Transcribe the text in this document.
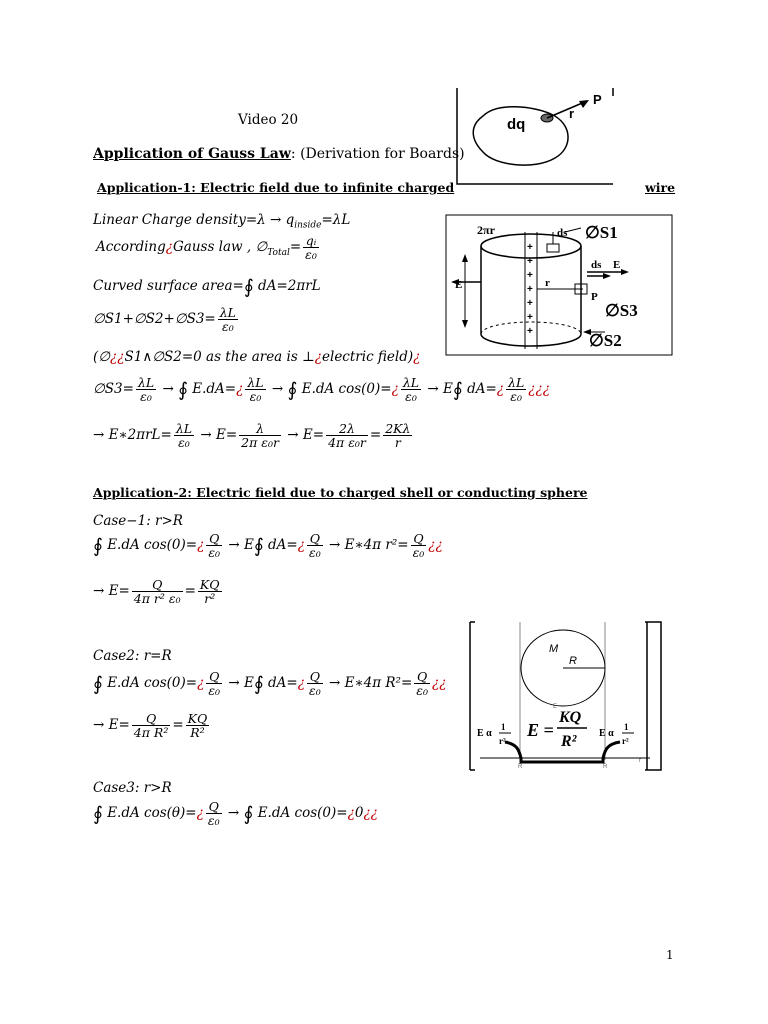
Video 20
Application of Gauss Law: (Derivation for Boards)
Application-1: Electric field due to infinite charged	wire
dq
r
P
+
+
+
+
+
+
+
2πr	ds ∅S1
E	r
ds E
P
∅S3
∅S2
Linear Charge density=λ → $q_{inside}=\lambda L$
According¿Gauss law , $\emptyset_{Total}= \frac{\text{qᵢ}}{\text{ε₀}}$
Curved surface area=∮ dA=2πrL
∅S1+∅S2+∅S3= $\frac{\lambda L}{\text{ε₀}}$
(∅¿¿S1∧∅S2=0 as the area is ⊥¿electric field)¿
∅S3= $\frac{\lambda L}{\text{ε₀}}$ → ∮ E.dA=¿ $\frac{\lambda L}{\text{ε₀}}$ → ∮ E.dA cos(0)=¿ $\frac{\lambda L}{\text{ε₀}}$ → E∮ dA=¿ $\frac{\lambda L}{\text{ε₀}}$ ¿¿¿
→ E∗2πrL= $\frac{\lambda L}{\text{ε₀}} \to E= \frac{\lambda}{\text{2π ε₀r}} \to E= \frac{2\lambda}{\text{4π ε₀r}} = \frac{2K\lambda}{r}$
Application-2: Electric field due to charged shell or conducting sphere
Case−1: r>R
∮ E.dA cos(0)=¿ $\frac{Q}{\text{ε₀}}$ → E∮ dA=¿ $\frac{Q}{\text{ε₀}}$ → E∗4π $r^2= \frac{Q}{\text{ε₀}}$ ¿¿
→ $E= \frac{Q}{\text{4π r² ε₀}} = \frac{KQ}{\text{r²}}$
Case2: r=R
∮ E.dA cos(0)=¿ $\frac{Q}{\text{ε₀}}$ → E∮ dA=¿ $\frac{Q}{\text{ε₀}}$ → E∗4π $R^2= \frac{Q}{\text{ε₀}}$ ¿¿
→ $E= \frac{Q}{\text{4π R²}} = \frac{KQ}{\text{R²}}$
Case3: r>R
∮ E.dA cos(θ)=¿ $\frac{Q}{\text{ε₀}}$ → ∮ E.dA cos(0)=¿0¿¿
M
R
E
E α
1
r²
E =
KQ
R² E α
1
r²
R	R
r
1
